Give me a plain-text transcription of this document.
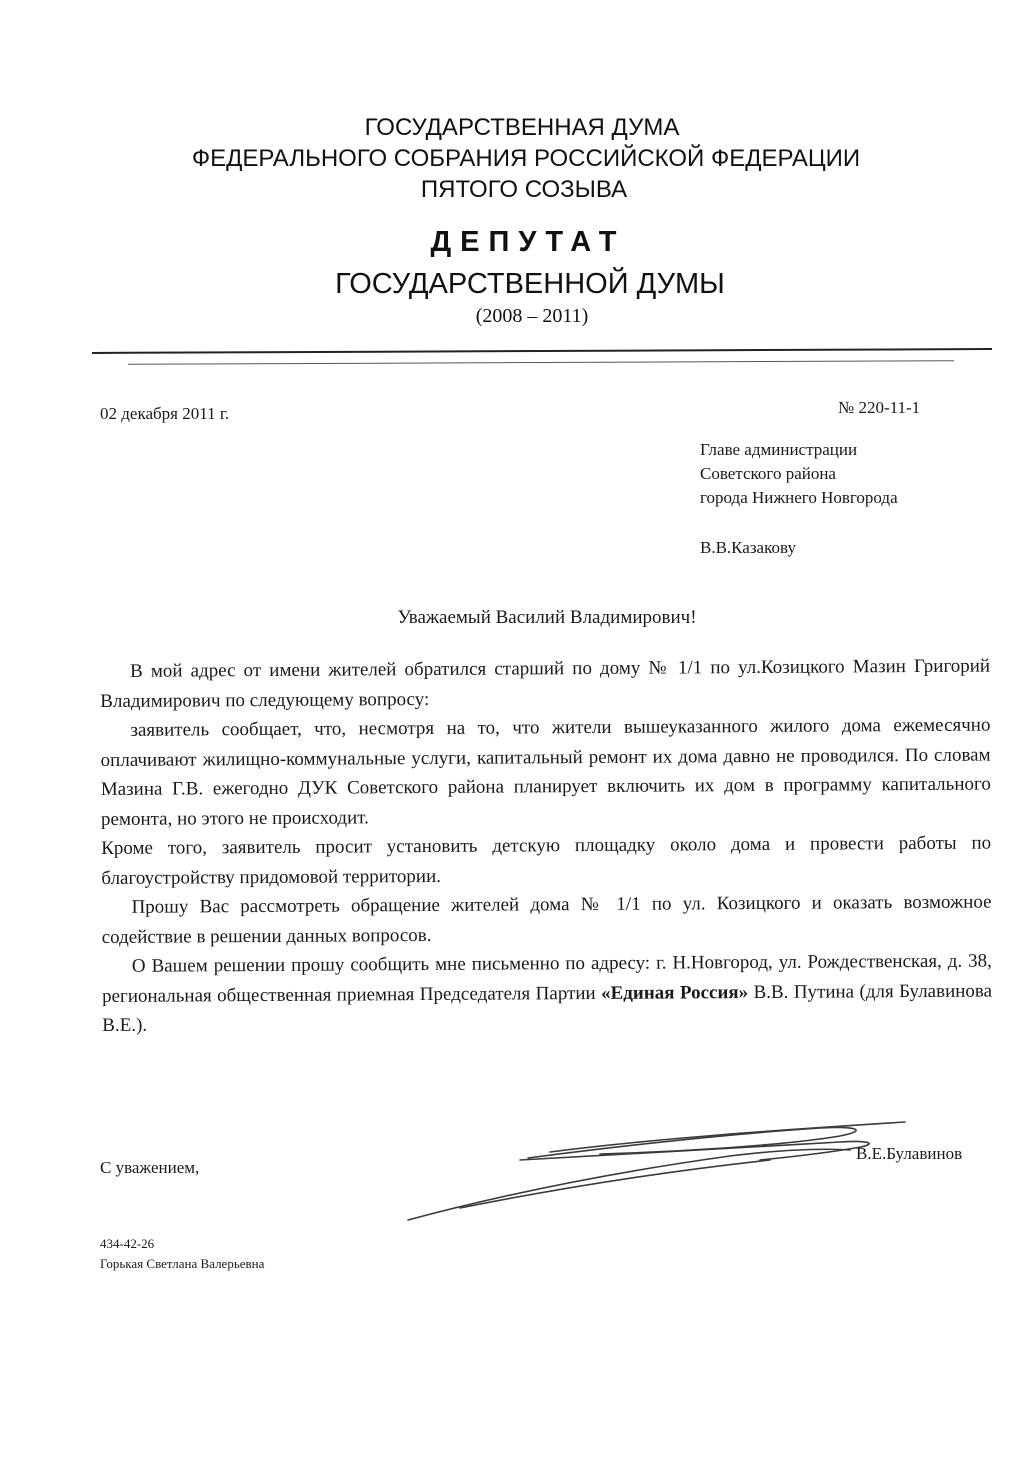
ГОСУДАРСТВЕННАЯ ДУМА
ФЕДЕРАЛЬНОГО СОБРАНИЯ РОССИЙСКОЙ ФЕДЕРАЦИИ
ПЯТОГО СОЗЫВА
ДЕПУТАТ
ГОСУДАРСТВЕННОЙ ДУМЫ
(2008 – 2011)
02 декабря 2011 г.	№ 220-11-1
Главе администрации
Советского района
города Нижнего Новгорода
В.В.Казакову
Уважаемый Василий Владимирович!

В мой адрес от имени жителей обратился старший по дому № 1/1 по ул.Козицкого Мазин Григорий Владимирович по следующему вопросу:

заявитель сообщает, что, несмотря на то, что жители вышеуказанного жилого дома ежемесячно оплачивают жилищно-коммунальные услуги, капитальный ремонт их дома давно не проводился. По словам Мазина Г.В. ежегодно ДУК Советского района планирует включить их дом в программу капитального ремонта, но этого не происходит.

Кроме того, заявитель просит установить детскую площадку около дома и провести работы по благоустройству придомовой территории.

Прошу Вас рассмотреть обращение жителей дома № 1/1 по ул. Козицкого и оказать возможное содействие в решении данных вопросов.

О Вашем решении прошу сообщить мне письменно по адресу: г. Н.Новгород, ул. Рождественская, д. 38, региональная общественная приемная Председателя Партии «Единая Россия» В.В. Путина (для Булавинова В.Е.).

С уважением,
В.Е.Булавинов
434-42-26
Горькая Светлана Валерьевна
